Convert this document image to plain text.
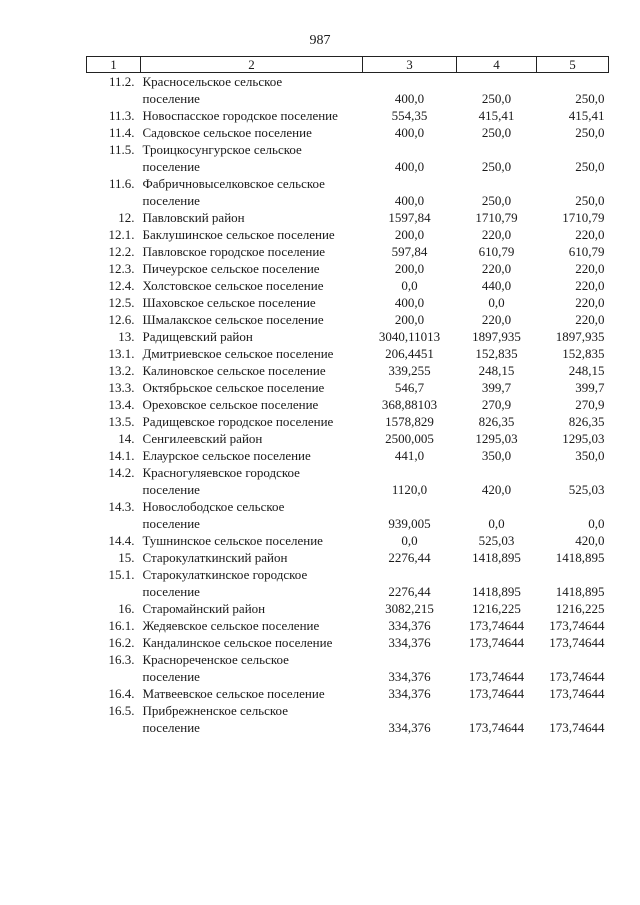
987
1	2	3	4	5
11.2.	Красносельское сельское поселение	400,0	250,0	250,0
11.3.	Новоспасское городское поселение	554,35	415,41	415,41
11.4.	Садовское сельское поселение	400,0	250,0	250,0
11.5.	Троицкосунгурское сельское поселение	400,0	250,0	250,0
11.6.	Фабричновыселковское сельское поселение	400,0	250,0	250,0
12.	Павловский район	1597,84	1710,79	1710,79
12.1.	Баклушинское сельское поселение	200,0	220,0	220,0
12.2.	Павловское городское поселение	597,84	610,79	610,79
12.3.	Пичеурское сельское поселение	200,0	220,0	220,0
12.4.	Холстовское сельское поселение	0,0	440,0	220,0
12.5.	Шаховское сельское поселение	400,0	0,0	220,0
12.6.	Шмалакское сельское поселение	200,0	220,0	220,0
13.	Радищевский район	3040,11013	1897,935	1897,935
13.1.	Дмитриевское сельское поселение	206,4451	152,835	152,835
13.2.	Калиновское сельское поселение	339,255	248,15	248,15
13.3.	Октябрьское сельское поселение	546,7	399,7	399,7
13.4.	Ореховское сельское поселение	368,88103	270,9	270,9
13.5.	Радищевское городское поселение	1578,829	826,35	826,35
14.	Сенгилеевский район	2500,005	1295,03	1295,03
14.1.	Елаурское сельское поселение	441,0	350,0	350,0
14.2.	Красногуляевское городское поселение	1120,0	420,0	525,03
14.3.	Новослободское сельское поселение	939,005	0,0	0,0
14.4.	Тушнинское сельское поселение	0,0	525,03	420,0
15.	Старокулаткинский район	2276,44	1418,895	1418,895
15.1.	Старокулаткинское городское поселение	2276,44	1418,895	1418,895
16.	Старомайнский район	3082,215	1216,225	1216,225
16.1.	Жедяевское сельское поселение	334,376	173,74644	173,74644
16.2.	Кандалинское сельское поселение	334,376	173,74644	173,74644
16.3.	Краснореченское сельское поселение	334,376	173,74644	173,74644
16.4.	Матвеевское сельское поселение	334,376	173,74644	173,74644
16.5.	Прибрежненское сельское поселение	334,376	173,74644	173,74644
